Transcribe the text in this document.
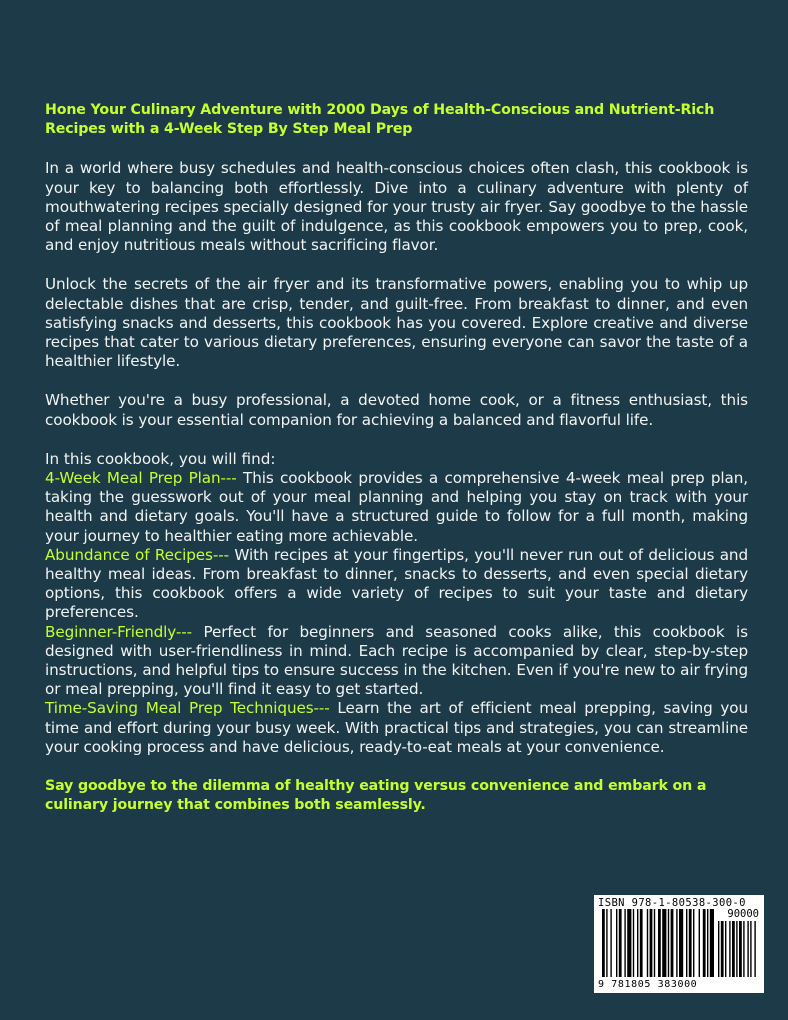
Hone Your Culinary Adventure with 2000 Days of Health-Conscious and Nutrient-Rich Recipes with a 4-Week Step By Step Meal Prep

In a world where busy schedules and health-conscious choices often clash, this cookbook is your key to balancing both effortlessly. Dive into a culinary adventure with plenty of mouthwatering recipes specially designed for your trusty air fryer. Say goodbye to the hassle of meal planning and the guilt of indulgence, as this cookbook empowers you to prep, cook, and enjoy nutritious meals without sacrificing flavor.

Unlock the secrets of the air fryer and its transformative powers, enabling you to whip up delectable dishes that are crisp, tender, and guilt-free. From breakfast to dinner, and even satisfying snacks and desserts, this cookbook has you covered. Explore creative and diverse recipes that cater to various dietary preferences, ensuring everyone can savor the taste of a healthier lifestyle.

Whether you're a busy professional, a devoted home cook, or a fitness enthusiast, this cookbook is your essential companion for achieving a balanced and flavorful life.

In this cookbook, you will find:

4-Week Meal Prep Plan--- This cookbook provides a comprehensive 4-week meal prep plan, taking the guesswork out of your meal planning and helping you stay on track with your health and dietary goals. You'll have a structured guide to follow for a full month, making your journey to healthier eating more achievable.

Abundance of Recipes--- With recipes at your fingertips, you'll never run out of delicious and healthy meal ideas. From breakfast to dinner, snacks to desserts, and even special dietary options, this cookbook offers a wide variety of recipes to suit your taste and dietary preferences.

Beginner-Friendly--- Perfect for beginners and seasoned cooks alike, this cookbook is designed with user-friendliness in mind. Each recipe is accompanied by clear, step-by-step instructions, and helpful tips to ensure success in the kitchen. Even if you're new to air frying or meal prepping, you'll find it easy to get started.

Time-Saving Meal Prep Techniques--- Learn the art of efficient meal prepping, saving you time and effort during your busy week. With practical tips and strategies, you can streamline your cooking process and have delicious, ready-to-eat meals at your convenience.

Say goodbye to the dilemma of healthy eating versus convenience and embark on a culinary journey that combines both seamlessly.

ISBN 978-1-80538-300-0
90000
9 781805 383000
